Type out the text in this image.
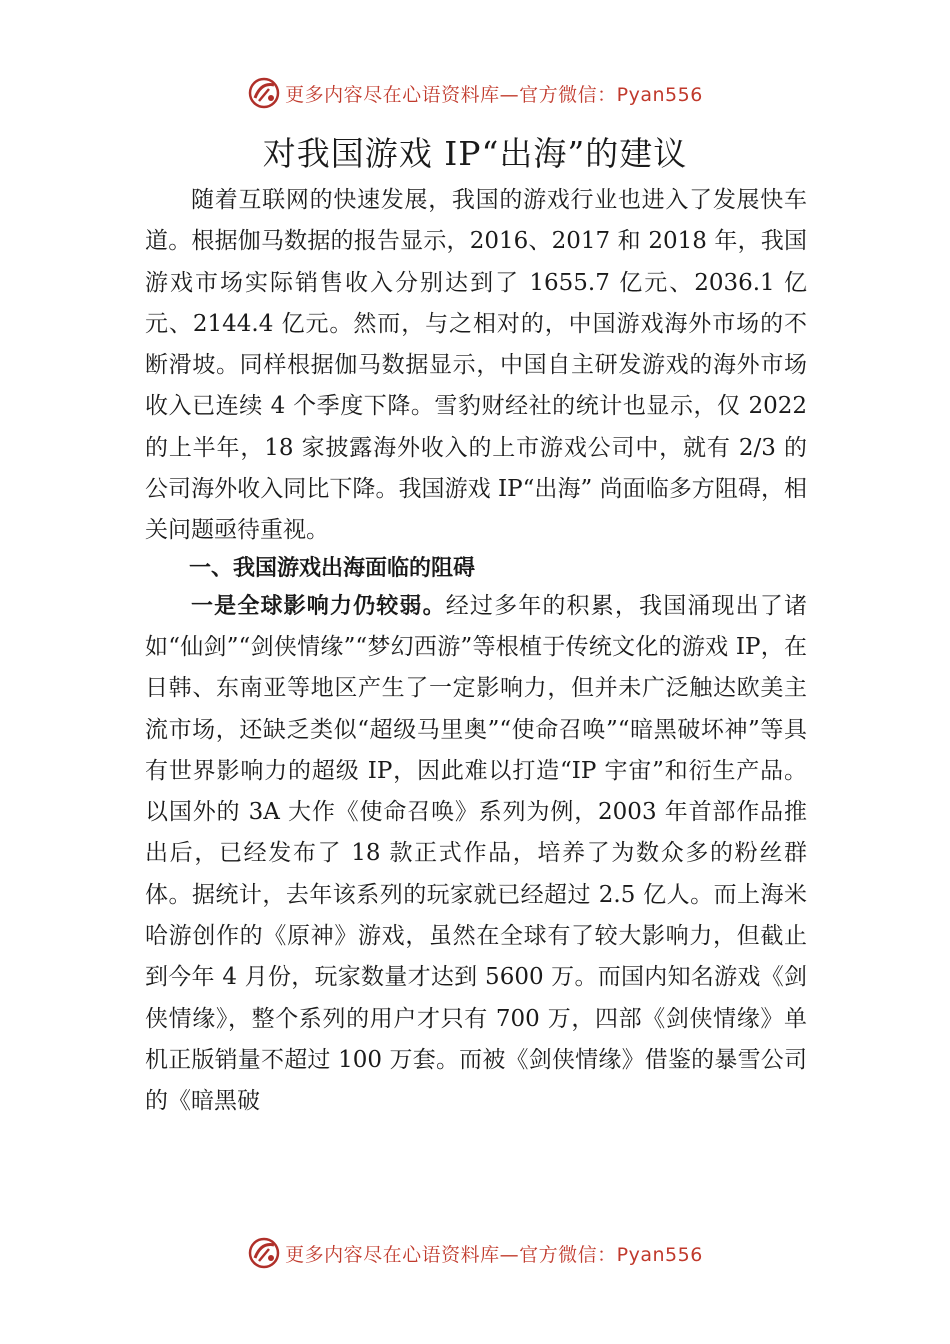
更多内容尽在心语资料库—官方微信：Pyan556
对我国游戏 IP“出海”的建议

随着互联网的快速发展，我国的游戏行业也进入了发展快车道。根据伽马数据的报告显示，2016、2017 和 2018 年，我国游戏市场实际销售收入分别达到了 1655.7 亿元、2036.1 亿元、2144.4 亿元。然而，与之相对的，中国游戏海外市场的不断滑坡。同样根据伽马数据显示，中国自主研发游戏的海外市场收入已连续 4 个季度下降。雪豹财经社的统计也显示，仅 2022 的上半年，18 家披露海外收入的上市游戏公司中，就有 2/3 的公司海外收入同比下降。我国游戏 IP“出海” 尚面临多方阻碍，相关问题亟待重视。

一、我国游戏出海面临的阻碍

一是全球影响力仍较弱。经过多年的积累，我国涌现出了诸如“仙剑”“剑侠情缘”“梦幻西游”等根植于传统文化的游戏 IP，在日韩、东南亚等地区产生了一定影响力，但并未广泛触达欧美主流市场，还缺乏类似“超级马里奥”“使命召唤”“暗黑破坏神”等具有世界影响力的超级 IP，因此难以打造“IP 宇宙”和衍生产品。以国外的 3A 大作《使命召唤》系列为例，2003 年首部作品推出后，已经发布了 18 款正式作品，培养了为数众多的粉丝群体。据统计，去年该系列的玩家就已经超过 2.5 亿人。而上海米哈游创作的《原神》游戏，虽然在全球有了较大影响力，但截止到今年 4 月份，玩家数量才达到 5600 万。而国内知名游戏《剑侠情缘》，整个系列的用户才只有 700 万，四部《剑侠情缘》单机正版销量不超过 100 万套。而被《剑侠情缘》借鉴的暴雪公司的《暗黑破

更多内容尽在心语资料库—官方微信：Pyan556
